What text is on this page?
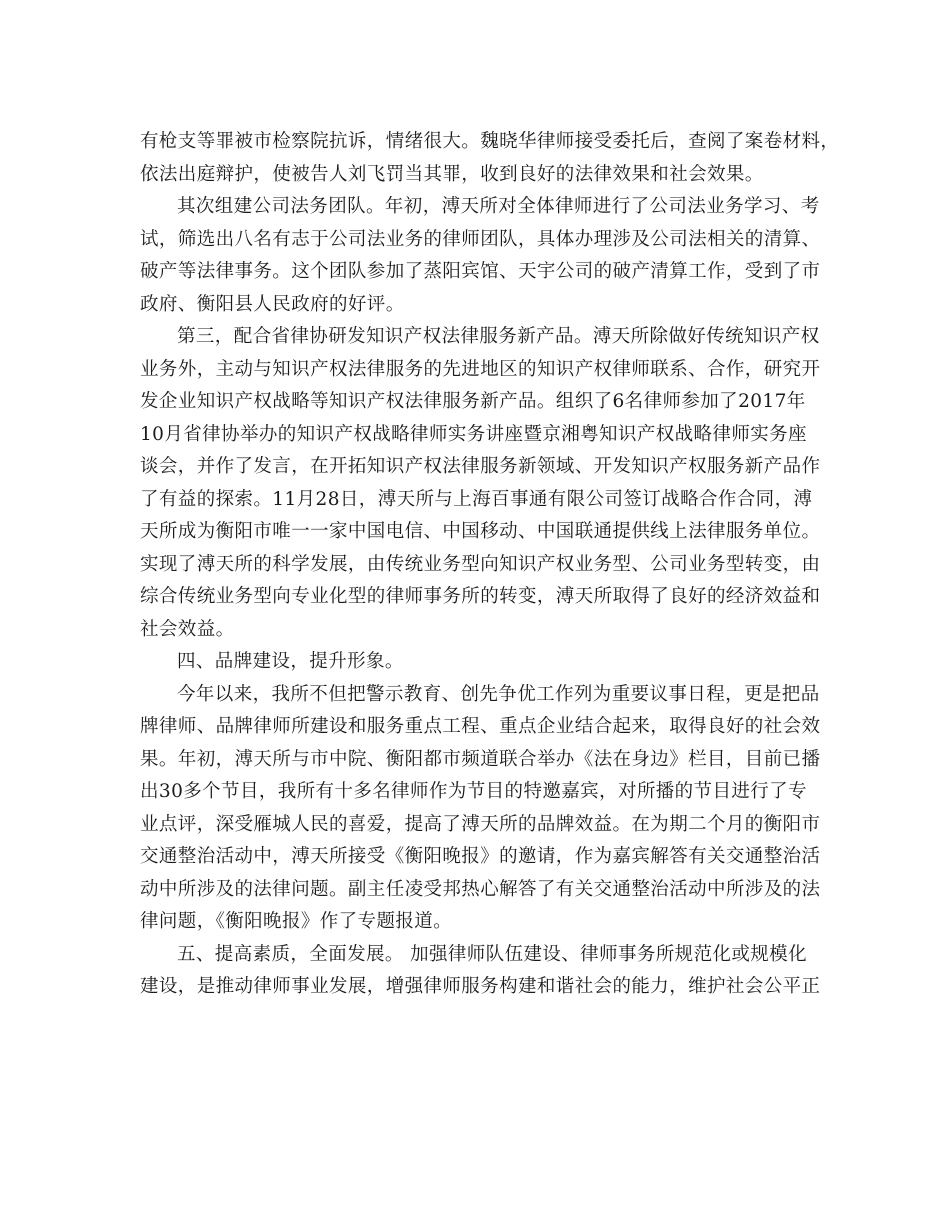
有枪支等罪被市检察院抗诉，情绪很大。魏晓华律师接受委托后，查阅了案卷材料，
依法出庭辩护，使被告人刘飞罚当其罪，收到良好的法律效果和社会效果。
其次组建公司法务团队。年初，溥天所对全体律师进行了公司法业务学习、考
试，筛选出八名有志于公司法业务的律师团队，具体办理涉及公司法相关的清算、
破产等法律事务。这个团队参加了蒸阳宾馆、天宇公司的破产清算工作，受到了市
政府、衡阳县人民政府的好评。
第三，配合省律协研发知识产权法律服务新产品。溥天所除做好传统知识产权
业务外，主动与知识产权法律服务的先进地区的知识产权律师联系、合作，研究开
发企业知识产权战略等知识产权法律服务新产品。组织了6名律师参加了2017年
10月省律协举办的知识产权战略律师实务讲座暨京湘粤知识产权战略律师实务座
谈会，并作了发言，在开拓知识产权法律服务新领域、开发知识产权服务新产品作
了有益的探索。11月28日，溥天所与上海百事通有限公司签订战略合作合同，溥
天所成为衡阳市唯一一家中国电信、中国移动、中国联通提供线上法律服务单位。
实现了溥天所的科学发展，由传统业务型向知识产权业务型、公司业务型转变，由
综合传统业务型向专业化型的律师事务所的转变，溥天所取得了良好的经济效益和
社会效益。
四、品牌建设，提升形象。
今年以来，我所不但把警示教育、创先争优工作列为重要议事日程，更是把品
牌律师、品牌律师所建设和服务重点工程、重点企业结合起来，取得良好的社会效
果。年初，溥天所与市中院、衡阳都市频道联合举办《法在身边》栏目，目前已播
出30多个节目，我所有十多名律师作为节目的特邀嘉宾，对所播的节目进行了专
业点评，深受雁城人民的喜爱，提高了溥天所的品牌效益。在为期二个月的衡阳市
交通整治活动中，溥天所接受《衡阳晚报》的邀请，作为嘉宾解答有关交通整治活
动中所涉及的法律问题。副主任凌受邦热心解答了有关交通整治活动中所涉及的法
律问题，《衡阳晚报》作了专题报道。
五、提高素质，全面发展。 加强律师队伍建设、律师事务所规范化或规模化
建设，是推动律师事业发展，增强律师服务构建和谐社会的能力，维护社会公平正
